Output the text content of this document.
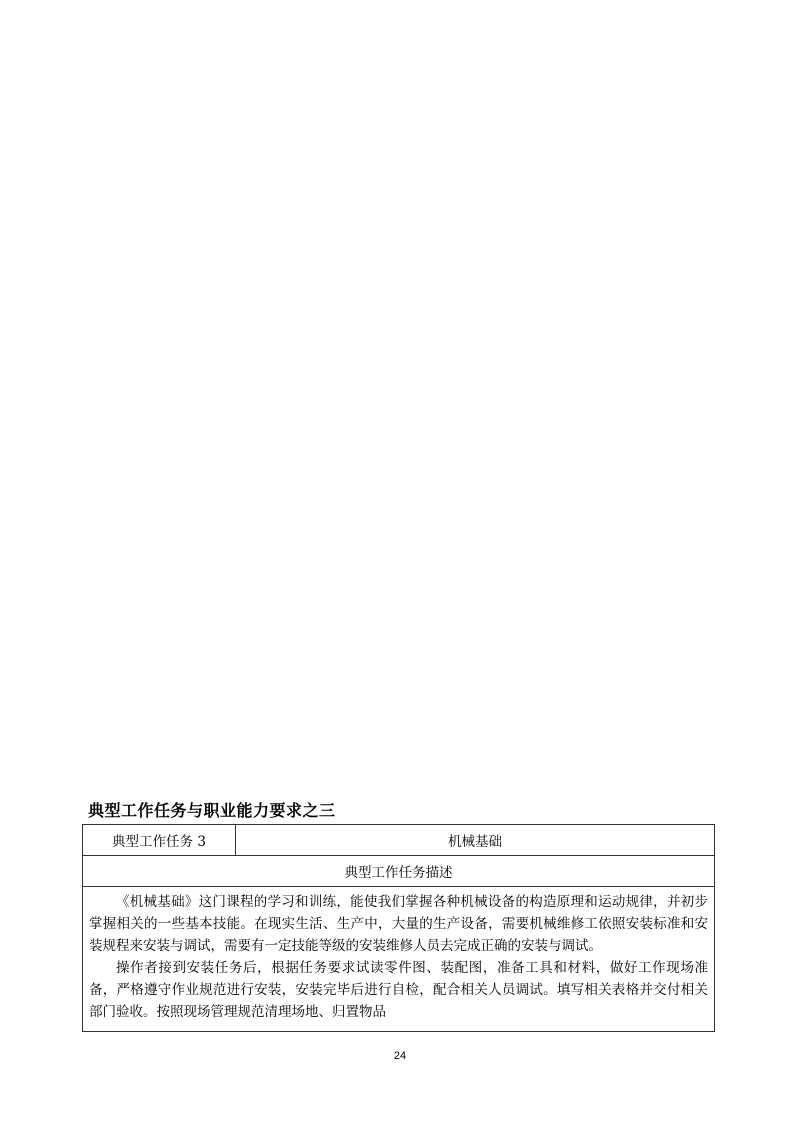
典型工作任务与职业能力要求之三
典型工作任务 3	机械基础
典型工作任务描述

《机械基础》这门课程的学习和训练，能使我们掌握各种机械设备的构造原理和运动规律，并初步掌握相关的一些基本技能。在现实生活、生产中，大量的生产设备，需要机械维修工依照安装标准和安装规程来安装与调试，需要有一定技能等级的安装维修人员去完成正确的安装与调试。

操作者接到安装任务后，根据任务要求试读零件图、装配图，准备工具和材料，做好工作现场准备，严格遵守作业规范进行安装，安装完毕后进行自检，配合相关人员调试。填写相关表格并交付相关部门验收。按照现场管理规范清理场地、归置物品

24
